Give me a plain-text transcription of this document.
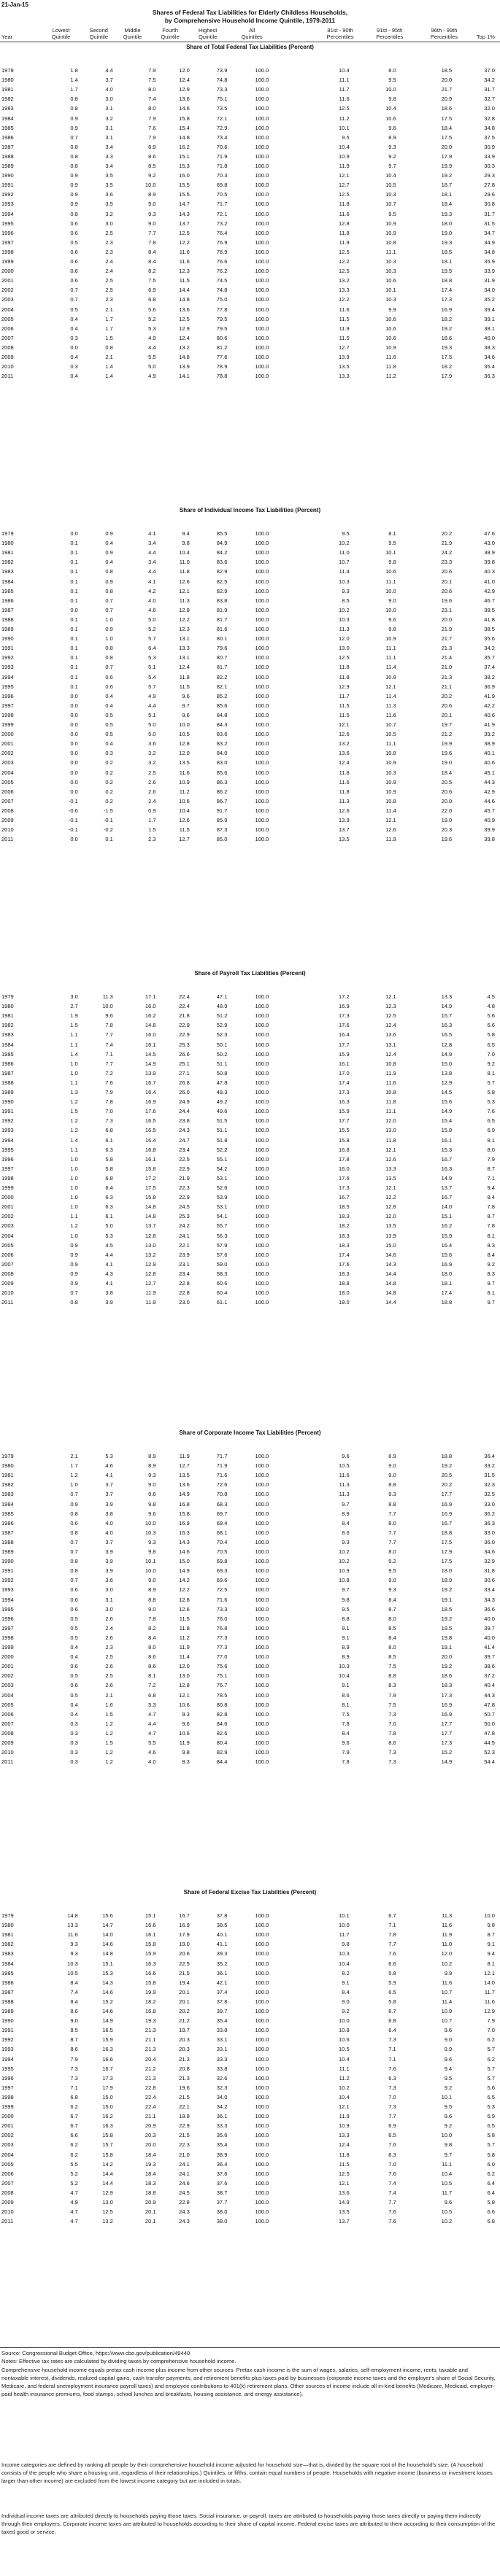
21-Jan-15
Shares of Federal Tax Liabilities for Elderly Childless Households,
by Comprehensive Household Income Quintile, 1979-2011
Year
Lowest
Quintile
Second
Quintile
Middle
Quintile
Fourth
Quintile
Highest
Quintile
All
Quintiles
81st - 90th
Percentiles
91st - 95th
Percentiles
96th - 99th
Percentiles	Top 1%
Share of Total Federal Tax Liabilities (Percent)
1979	1.8	4.4	7.9	12.0	73.9	100.0	10.4	8.0	18.5	37.0
1980	1.4	3.7	7.5	12.4	74.8	100.0	11.1	9.5	20.0	34.2
1981	1.7	4.0	8.0	12.9	73.3	100.0	11.7	10.0	21.7	31.7
1982	0.8	3.0	7.4	13.6	75.1	100.0	11.6	9.8	20.9	32.7
1983	0.8	3.1	8.0	14.6	73.5	100.0	12.5	10.4	18.6	32.0
1984	0.9	3.2	7.9	15.8	72.1	100.0	11.2	10.6	17.5	32.8
1985	0.9	3.1	7.6	15.4	72.9	100.0	10.1	9.6	18.4	34.8
1986	0.7	3.1	7.9	14.8	73.4	100.0	9.5	8.9	17.5	37.5
1987	0.8	3.4	8.9	16.2	70.6	100.0	10.4	9.3	20.0	30.9
1988	0.8	3.3	8.6	15.1	71.9	100.0	10.9	9.2	17.9	33.9
1989	0.8	3.4	8.5	15.3	71.8	100.0	11.9	9.7	19.9	30.3
1990	0.9	3.5	9.2	16.0	70.3	100.0	12.1	10.4	19.2	29.3
1991	0.9	3.5	10.0	15.5	69.8	100.0	12.7	10.5	18.7	27.8
1992	0.9	3.6	8.9	15.5	70.5	100.0	12.5	10.3	18.1	29.6
1993	0.9	3.5	9.0	14.7	71.7	100.0	11.8	10.7	18.4	30.8
1994	0.8	3.2	9.3	14.3	72.1	100.0	11.6	9.5	19.3	31.7
1995	0.6	3.0	9.0	13.7	73.2	100.0	12.8	10.9	18.0	31.5
1996	0.6	2.5	7.7	12.5	76.4	100.0	11.8	10.9	19.0	34.7
1997	0.5	2.3	7.8	12.2	76.9	100.0	11.9	10.8	19.3	34.9
1998	0.6	2.3	8.4	11.6	76.9	100.0	12.5	11.1	18.5	34.8
1999	0.6	2.4	8.4	11.6	76.6	100.0	12.2	10.3	18.1	35.9
2000	0.6	2.4	8.2	12.3	76.2	100.0	12.5	10.3	19.5	33.9
2001	0.6	2.5	7.5	11.5	74.5	100.0	13.2	10.6	18.8	31.9
2002	0.7	2.5	6.9	14.4	74.8	100.0	13.3	10.1	17.4	34.0
2003	0.7	2.3	6.8	14.8	75.0	100.0	12.2	10.3	17.3	35.2
2004	0.5	2.1	5.6	13.6	77.8	100.0	11.6	9.9	16.9	39.4
2005	0.4	1.7	5.2	12.5	79.5	100.0	11.5	10.6	18.2	39.1
2006	0.4	1.7	5.3	12.9	79.5	100.0	11.9	10.6	19.2	38.1
2007	0.3	1.5	4.9	12.4	80.6	100.0	11.5	10.6	18.6	40.0
2008	0.0	0.8	4.4	13.2	81.2	100.0	12.7	10.9	19.3	38.3
2009	0.4	2.1	5.5	14.8	77.6	100.0	13.9	11.6	17.5	34.6
2010	0.3	1.4	5.0	13.9	78.9	100.0	13.5	11.8	18.2	35.4
2011	0.4	1.4	4.9	14.1	78.8	100.0	13.3	11.2	17.9	36.3
Share of Individual Income Tax Liabilities (Percent)
1979	0.0	0.9	4.1	9.4	85.5	100.0	9.5	8.1	20.2	47.6
1980	0.1	0.4	3.4	9.8	84.9	100.0	10.2	9.5	21.9	43.0
1981	0.1	0.9	4.4	10.4	84.2	100.0	11.0	10.1	24.2	38.9
1982	0.1	0.4	3.4	11.0	83.6	100.0	10.7	9.8	23.3	39.8
1983	0.1	0.8	4.4	11.8	82.9	100.0	11.4	10.6	20.6	40.3
1984	0.1	0.9	4.1	12.6	82.5	100.0	10.3	11.1	20.1	41.0
1985	0.1	0.8	4.2	12.1	82.9	100.0	9.3	10.0	20.6	42.9
1986	0.1	0.7	4.0	11.3	83.8	100.0	8.5	9.0	19.6	46.7
1987	0.0	0.7	4.6	12.8	81.9	100.0	10.2	10.0	23.1	38.5
1988	0.1	1.0	5.0	12.2	81.7	100.0	10.3	9.6	20.0	41.8
1989	0.1	0.9	5.2	12.3	81.6	100.0	11.3	9.8	21.9	38.5
1990	0.1	1.0	5.7	13.1	80.1	100.0	12.0	10.9	21.7	35.6
1991	0.1	0.8	6.4	13.3	79.6	100.0	13.0	11.1	21.3	34.2
1992	0.1	0.8	5.3	13.1	80.7	100.0	12.5	11.1	21.4	35.7
1993	0.1	0.7	5.1	12.4	81.7	100.0	11.8	11.4	21.0	37.4
1994	0.1	0.6	5.4	11.8	82.2	100.0	11.8	10.9	21.3	38.2
1995	0.1	0.6	5.7	11.5	82.1	100.0	12.9	12.1	21.1	36.9
1996	0.0	0.4	4.9	9.6	85.2	100.0	11.7	11.4	20.2	41.9
1997	0.0	0.4	4.4	9.7	85.6	100.0	11.5	11.3	20.6	42.2
1998	0.0	0.5	5.1	9.6	84.8	100.0	11.5	11.6	20.1	40.6
1999	0.0	0.5	5.0	10.0	84.3	100.0	12.1	10.7	19.7	41.9
2000	0.0	0.5	5.0	10.5	83.6	100.0	12.6	10.5	21.2	39.2
2001	0.0	0.4	3.6	12.8	83.2	100.0	13.2	11.1	19.9	38.9
2002	0.0	0.3	3.2	12.0	84.0	100.0	13.6	10.8	19.6	40.1
2003	0.0	0.2	3.2	13.5	83.0	100.0	12.4	10.9	19.0	40.6
2004	0.0	0.2	2.5	11.6	85.6	100.0	11.8	10.3	18.4	45.1
2005	0.0	0.2	2.6	10.9	86.3	100.0	11.6	10.9	20.5	44.3
2006	0.0	0.2	2.6	11.2	86.2	100.0	11.8	10.9	20.6	42.9
2007	-0.1	0.2	2.4	10.6	86.7	100.0	11.3	10.8	20.0	44.6
2008	-0.6	-1.5	0.9	10.4	91.7	100.0	12.6	11.4	22.0	45.7
2009	-0.1	-0.1	1.7	12.6	85.9	100.0	13.9	12.1	19.0	40.9
2010	-0.1	-0.2	1.5	11.5	87.3	100.0	13.7	12.6	20.3	39.9
2011	0.0	0.1	2.3	12.7	85.0	100.0	13.5	11.9	19.6	39.8
Share of Payroll Tax Liabilities (Percent)
1979	3.0	11.3	17.1	22.4	47.1	100.0	17.2	12.1	13.3	4.5
1980	2.7	10.0	16.0	22.4	48.9	100.0	16.9	12.3	14.9	4.8
1981	1.9	9.6	16.2	21.8	51.2	100.0	17.3	12.5	15.7	5.6
1982	1.5	7.8	14.8	22.9	52.9	100.0	17.6	12.4	16.3	6.6
1983	1.1	7.7	16.0	22.9	52.3	100.0	16.4	13.6	16.5	5.8
1984	1.1	7.4	16.1	25.3	50.1	100.0	17.7	13.1	12.8	6.5
1985	1.4	7.1	14.5	26.6	50.2	100.0	15.9	12.4	14.9	7.0
1986	1.0	7.7	14.9	25.1	51.1	100.0	16.1	10.8	15.0	9.2
1987	1.0	7.2	13.9	27.1	50.8	100.0	17.0	11.9	13.8	8.1
1988	1.1	7.6	16.7	26.8	47.8	100.0	17.4	11.6	12.9	5.7
1989	1.3	7.9	16.4	26.0	48.3	100.0	17.3	10.8	14.5	5.8
1990	1.2	7.8	16.9	24.9	49.2	100.0	16.3	11.8	15.6	5.3
1991	1.5	7.0	17.6	24.4	49.6	100.0	15.9	11.1	14.9	7.6
1992	1.2	7.3	16.5	23.8	51.5	100.0	17.7	12.0	15.4	6.5
1993	1.2	6.8	16.5	24.3	51.1	100.0	15.5	13.0	15.8	6.9
1994	1.4	6.1	16.4	24.7	51.8	100.0	15.8	11.8	16.1	8.1
1995	1.1	6.3	16.8	23.4	52.2	100.0	16.8	12.1	15.3	8.0
1996	1.0	5.8	16.1	22.5	55.1	100.0	17.8	12.6	16.7	7.9
1997	1.0	5.8	15.8	22.9	54.2	100.0	16.0	13.3	16.3	8.7
1998	1.0	6.8	17.2	21.9	53.1	100.0	17.6	13.5	14.9	7.1
1999	1.0	6.4	17.5	22.3	52.6	100.0	17.3	12.1	13.7	9.4
2000	1.0	6.3	15.8	22.9	53.9	100.0	16.7	12.2	16.7	8.4
2001	1.0	6.3	14.8	24.5	53.1	100.0	18.5	12.8	14.0	7.8
2002	1.1	6.1	14.8	25.3	54.1	100.0	18.3	12.0	15.1	8.7
2003	1.2	5.0	13.7	24.2	55.7	100.0	18.2	13.5	16.2	7.8
2004	1.0	5.3	12.8	24.1	56.3	100.0	18.3	13.9	15.9	8.1
2005	0.9	4.5	13.0	22.1	57.9	100.0	18.3	15.0	16.4	8.3
2006	0.9	4.4	13.2	23.9	57.6	100.0	17.4	14.6	15.6	8.4
2007	0.9	4.1	12.9	23.1	59.0	100.0	17.6	14.3	16.9	9.2
2008	0.9	4.3	12.8	23.4	58.3	100.0	18.3	14.4	18.0	8.3
2009	0.9	4.1	12.7	22.8	60.6	100.0	18.8	14.8	18.1	9.7
2010	0.7	3.8	11.9	22.8	60.4	100.0	18.0	14.8	17.4	8.1
2011	0.8	3.9	11.9	23.0	61.1	100.0	19.0	14.4	18.8	9.7
Share of Corporate Income Tax Liabilities (Percent)
1979	2.1	5.3	8.9	11.9	71.7	100.0	9.6	6.9	18.8	36.4
1980	1.7	4.6	8.9	12.7	71.9	100.0	10.5	9.0	19.2	33.2
1981	1.2	4.1	9.3	13.5	71.6	100.0	11.6	9.0	20.5	31.5
1982	1.0	3.7	9.0	13.6	72.6	100.0	11.3	8.8	20.2	32.3
1983	0.7	3.7	9.6	14.9	70.8	100.0	11.3	9.3	17.7	32.5
1984	0.9	3.9	9.8	16.8	68.3	100.0	9.7	8.8	16.9	33.0
1985	0.8	3.8	9.6	15.8	69.7	100.0	8.9	7.7	16.9	36.2
1986	0.6	4.0	10.0	16.9	69.4	100.0	8.4	8.0	16.7	36.3
1987	0.8	4.0	10.3	16.3	68.1	100.0	8.6	7.7	18.8	33.0
1988	0.7	3.7	9.3	14.3	70.4	100.0	9.3	7.7	17.5	36.0
1989	0.7	3.9	9.8	14.6	70.5	100.0	10.2	8.0	17.9	34.6
1990	0.8	3.9	10.1	15.0	69.8	100.0	10.2	9.2	17.5	32.9
1991	0.8	3.9	10.0	14.9	69.3	100.0	10.9	9.5	18.0	31.8
1992	0.7	3.6	9.0	14.2	69.6	100.0	10.8	9.0	18.9	30.6
1993	0.6	3.0	8.9	12.2	72.5	100.0	9.7	9.3	19.2	33.4
1994	0.6	3.1	8.8	12.8	71.6	100.0	9.8	8.4	19.1	34.3
1995	0.6	3.0	9.0	12.6	73.3	100.0	9.5	8.7	18.5	36.6
1996	0.5	2.6	7.8	11.5	76.0	100.0	8.8	8.0	19.2	40.0
1997	0.5	2.4	8.2	11.8	76.8	100.0	9.1	8.5	19.5	39.7
1998	0.5	2.6	8.4	11.2	77.3	100.0	9.1	8.4	19.8	40.0
1999	0.4	2.3	8.0	11.9	77.3	100.0	8.9	8.0	19.1	41.4
2000	0.4	2.5	8.6	11.4	77.0	100.0	8.9	8.5	20.0	39.7
2001	0.6	2.6	8.6	12.0	75.6	100.0	10.3	7.5	19.2	38.6
2002	0.5	2.5	8.1	13.0	75.1	100.0	10.4	8.8	18.6	37.2
2003	0.6	2.6	7.2	12.8	76.7	100.0	9.1	8.3	18.3	40.4
2004	0.5	2.1	6.8	12.1	78.5	100.0	8.6	7.9	17.3	44.3
2005	0.4	1.6	5.3	10.6	80.8	100.0	8.1	7.5	16.9	47.8
2006	0.4	1.5	4.7	9.3	82.8	100.0	7.5	7.3	16.9	50.7
2007	0.3	1.2	4.4	9.6	84.6	100.0	7.8	7.0	17.7	50.0
2008	0.3	1.2	4.7	10.6	82.6	100.0	8.4	7.8	17.7	47.8
2009	0.3	1.5	5.5	11.9	80.4	100.0	9.6	8.6	17.3	44.5
2010	0.3	1.2	4.6	9.8	82.9	100.0	7.9	7.3	15.2	52.3
2011	0.3	1.2	4.0	8.3	84.4	100.0	7.8	7.3	14.9	54.4
Share of Federal Excise Tax Liabilities (Percent)
1979	14.8	15.6	15.1	16.7	37.8	100.0	10.1	6.7	11.3	10.0
1980	13.3	14.7	16.6	16.9	38.5	100.0	10.0	7.1	11.6	9.8
1981	11.6	14.0	16.1	17.9	40.1	100.0	11.7	7.8	11.9	8.7
1982	9.3	14.6	15.8	19.0	41.1	100.0	9.8	7.7	11.0	9.1
1983	9.3	14.8	15.9	20.6	39.3	100.0	10.3	7.6	12.0	9.4
1984	10.3	15.1	16.3	22.5	35.2	100.0	10.4	6.6	10.2	8.1
1985	10.5	15.3	16.6	21.5	36.1	100.0	8.2	5.8	9.9	12.1
1986	8.4	14.3	15.8	19.4	42.1	100.0	9.1	5.9	11.6	14.0
1987	7.4	14.6	19.9	20.1	37.4	100.0	8.4	6.5	10.7	11.7
1988	8.4	15.2	18.2	20.1	37.8	100.0	9.0	5.8	11.4	11.6
1989	8.6	14.6	16.8	20.2	39.7	100.0	9.2	6.7	10.9	12.9
1990	9.0	14.9	19.3	21.2	35.4	100.0	10.0	6.8	10.7	7.9
1991	8.5	16.5	21.3	19.7	33.8	100.0	10.8	6.4	9.6	7.0
1992	8.7	15.9	21.1	20.3	33.1	100.0	10.6	7.3	9.0	6.2
1993	8.6	16.3	21.3	20.3	33.1	100.0	10.5	7.1	9.9	5.7
1994	7.9	16.6	20.4	21.3	33.3	100.0	10.4	7.1	9.6	6.2
1995	7.3	16.7	21.2	20.8	33.8	100.0	11.1	7.6	9.4	5.7
1996	7.3	17.3	21.3	21.3	32.6	100.0	11.2	6.3	9.5	5.7
1997	7.1	17.9	22.8	19.6	32.3	100.0	10.2	7.3	9.2	5.6
1998	6.8	15.0	22.4	21.5	34.0	100.0	10.4	7.0	10.1	6.5
1999	6.2	15.0	22.4	22.1	34.2	100.0	12.1	7.3	9.5	5.3
2000	6.7	16.2	21.1	19.8	36.1	100.0	11.9	7.7	9.6	6.9
2001	6.7	16.3	20.9	22.9	33.3	100.0	10.9	6.9	9.2	6.5
2002	6.6	15.8	20.3	21.5	35.6	100.0	13.3	6.5	10.0	5.8
2003	6.2	15.7	20.0	22.3	35.4	100.0	12.4	7.6	9.8	5.7
2004	6.2	15.8	18.4	21.0	38.9	100.0	11.8	8.3	9.7	5.8
2005	5.5	14.2	19.3	24.1	36.4	100.0	11.5	7.0	11.1	6.0
2006	5.2	14.4	18.4	24.1	37.6	100.0	12.5	7.6	10.4	6.2
2007	5.2	14.4	18.3	24.6	37.6	100.0	12.1	7.4	10.5	6.4
2008	4.7	12.9	18.8	24.5	38.7	100.0	13.6	7.4	11.7	6.4
2009	4.9	13.0	20.9	22.8	37.7	100.0	14.9	7.7	9.6	5.8
2010	4.7	12.5	20.1	24.3	38.0	100.0	13.5	7.6	10.5	6.6
2011	4.7	13.2	20.1	24.3	38.0	100.0	13.7	7.6	10.2	6.8
Source: Congressional Budget Office, https://www.cbo.gov/publication/49440
Notes: Effective tax rates are calculated by dividing taxes by comprehensive household income.
Comprehensive household income equals pretax cash income plus income from other sources. Pretax cash income is the sum of wages, salaries, self-employment income, rents, taxable and nontaxable interest, dividends, realized capital gains, cash transfer payments, and retirement benefits plus taxes paid by businesses (corporate income taxes and the employer's share of Social Security, Medicare, and federal unemployment insurance payroll taxes) and employee contributions to 401(k) retirement plans. Other sources of income include all in-kind benefits (Medicare, Medicaid, employer-paid health insurance premiums, food stamps, school lunches and breakfasts, housing assistance, and energy assistance).
Income categories are defined by ranking all people by their comprehensive household income adjusted for household size—that is, divided by the square root of the household's size. (A household consists of the people who share a housing unit, regardless of their relationships.) Quintiles, or fifths, contain equal numbers of people. Households with negative income (business or investment losses larger than other income) are excluded from the lowest income category but are included in totals.
Individual income taxes are attributed directly to households paying those taxes. Social insurance, or payroll, taxes are attributed to households paying those taxes directly or paying them indirectly through their employers. Corporate income taxes are attributed to households according to their share of capital income. Federal excise taxes are attributed to them according to their consumption of the taxed good or service.
